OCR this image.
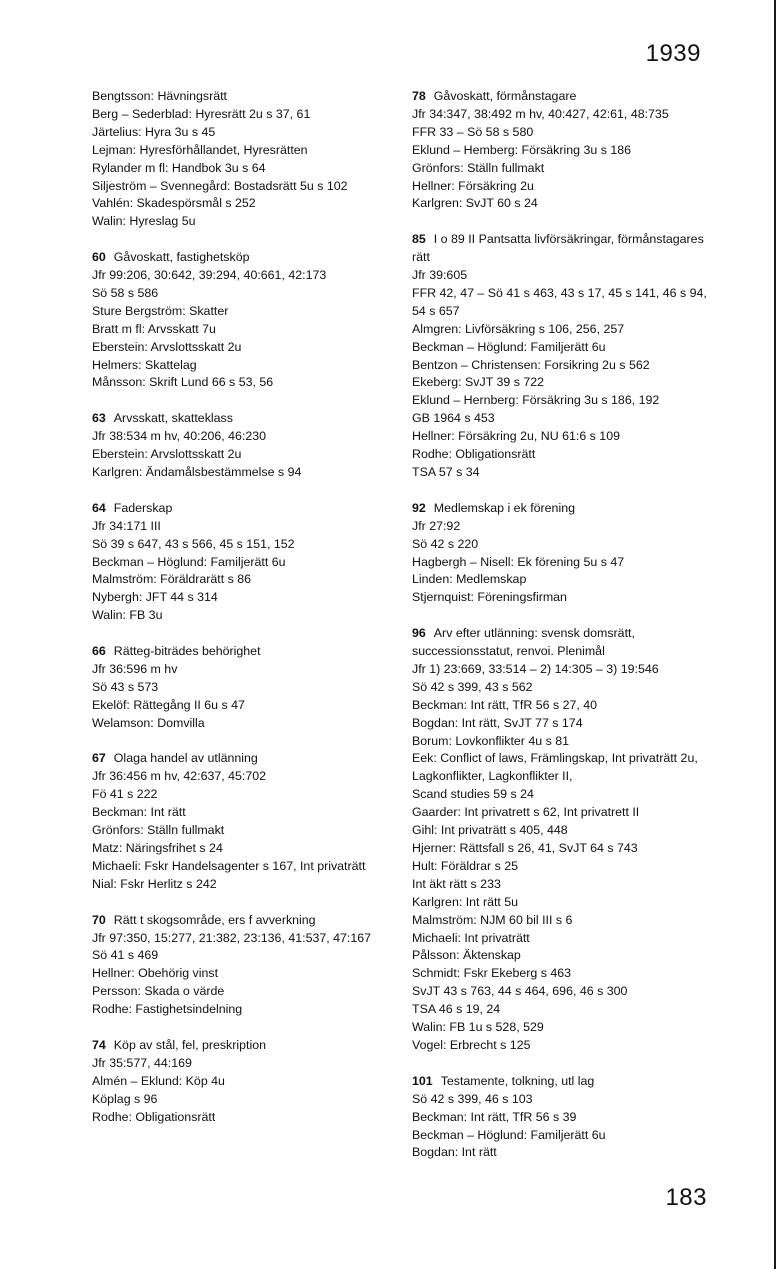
1939
Bengtsson: Hävningsrätt
Berg – Sederblad: Hyresrätt 2u s 37, 61
Järtelius: Hyra 3u s 45
Lejman: Hyresförhållandet, Hyresrätten
Rylander m fl: Handbok 3u s 64
Siljeström – Svennegård: Bostadsrätt 5u s 102
Vahlén: Skadespörsmål s 252
Walin: Hyreslag 5u
60 Gåvoskatt, fastighetsköp
Jfr 99:206, 30:642, 39:294, 40:661, 42:173
Sö 58 s 586
Sture Bergström: Skatter
Bratt m fl: Arvsskatt 7u
Eberstein: Arvslottsskatt 2u
Helmers: Skattelag
Månsson: Skrift Lund 66 s 53, 56
63 Arvsskatt, skatteklass
Jfr 38:534 m hv, 40:206, 46:230
Eberstein: Arvslottsskatt 2u
Karlgren: Ändamålsbestämmelse s 94
64 Faderskap
Jfr 34:171 III
Sö 39 s 647, 43 s 566, 45 s 151, 152
Beckman – Höglund: Familjerätt 6u
Malmström: Föräldrarätt s 86
Nybergh: JFT 44 s 314
Walin: FB 3u
66 Rätteg-biträdes behörighet
Jfr 36:596 m hv
Sö 43 s 573
Ekelöf: Rättegång II 6u s 47
Welamson: Domvilla
67 Olaga handel av utlänning
Jfr 36:456 m hv, 42:637, 45:702
Fö 41 s 222
Beckman: Int rätt
Grönfors: Ställn fullmakt
Matz: Näringsfrihet s 24
Michaeli: Fskr Handelsagenter s 167, Int privaträtt
Nial: Fskr Herlitz s 242
70 Rätt t skogsområde, ers f avverkning
Jfr 97:350, 15:277, 21:382, 23:136, 41:537, 47:167
Sö 41 s 469
Hellner: Obehörig vinst
Persson: Skada o värde
Rodhe: Fastighetsindelning
74 Köp av stål, fel, preskription
Jfr 35:577, 44:169
Almén – Eklund: Köp 4u
Köplag s 96
Rodhe: Obligationsrätt
78 Gåvoskatt, förmånstagare
Jfr 34:347, 38:492 m hv, 40:427, 42:61, 48:735
FFR 33 – Sö 58 s 580
Eklund – Hemberg: Försäkring 3u s 186
Grönfors: Ställn fullmakt
Hellner: Försäkring 2u
Karlgren: SvJT 60 s 24
85 I o 89 II Pantsatta livförsäkringar, förmånstagares rätt
Jfr 39:605
FFR 42, 47 – Sö 41 s 463, 43 s 17, 45 s 141, 46 s 94, 54 s 657
Almgren: Livförsäkring s 106, 256, 257
Beckman – Höglund: Familjerätt 6u
Bentzon – Christensen: Forsikring 2u s 562
Ekeberg: SvJT 39 s 722
Eklund – Hernberg: Försäkring 3u s 186, 192
GB 1964 s 453
Hellner: Försäkring 2u, NU 61:6 s 109
Rodhe: Obligationsrätt
TSA 57 s 34
92 Medlemskap i ek förening
Jfr 27:92
Sö 42 s 220
Hagbergh – Nisell: Ek förening 5u s 47
Linden: Medlemskap
Stjernquist: Föreningsfirman
96 Arv efter utlänning: svensk domsrätt, successionsstatut, renvoi. Plenimål
Jfr 1) 23:669, 33:514 – 2) 14:305 – 3) 19:546
Sö 42 s 399, 43 s 562
Beckman: Int rätt, TfR 56 s 27, 40
Bogdan: Int rätt, SvJT 77 s 174
Borum: Lovkonflikter 4u s 81
Eek: Conflict of laws, Främlingskap, Int privaträtt 2u, Lagkonflikter, Lagkonflikter II,
Scand studies 59 s 24
Gaarder: Int privatrett s 62, Int privatrett II
Gihl: Int privaträtt s 405, 448
Hjerner: Rättsfall s 26, 41, SvJT 64 s 743
Hult: Föräldrar s 25
Int äkt rätt s 233
Karlgren: Int rätt 5u
Malmström: NJM 60 bil III s 6
Michaeli: Int privaträtt
Pålsson: Äktenskap
Schmidt: Fskr Ekeberg s 463
SvJT 43 s 763, 44 s 464, 696, 46 s 300
TSA 46 s 19, 24
Walin: FB 1u s 528, 529
Vogel: Erbrecht s 125
101 Testamente, tolkning, utl lag
Sö 42 s 399, 46 s 103
Beckman: Int rätt, TfR 56 s 39
Beckman – Höglund: Familjerätt 6u
Bogdan: Int rätt
183
